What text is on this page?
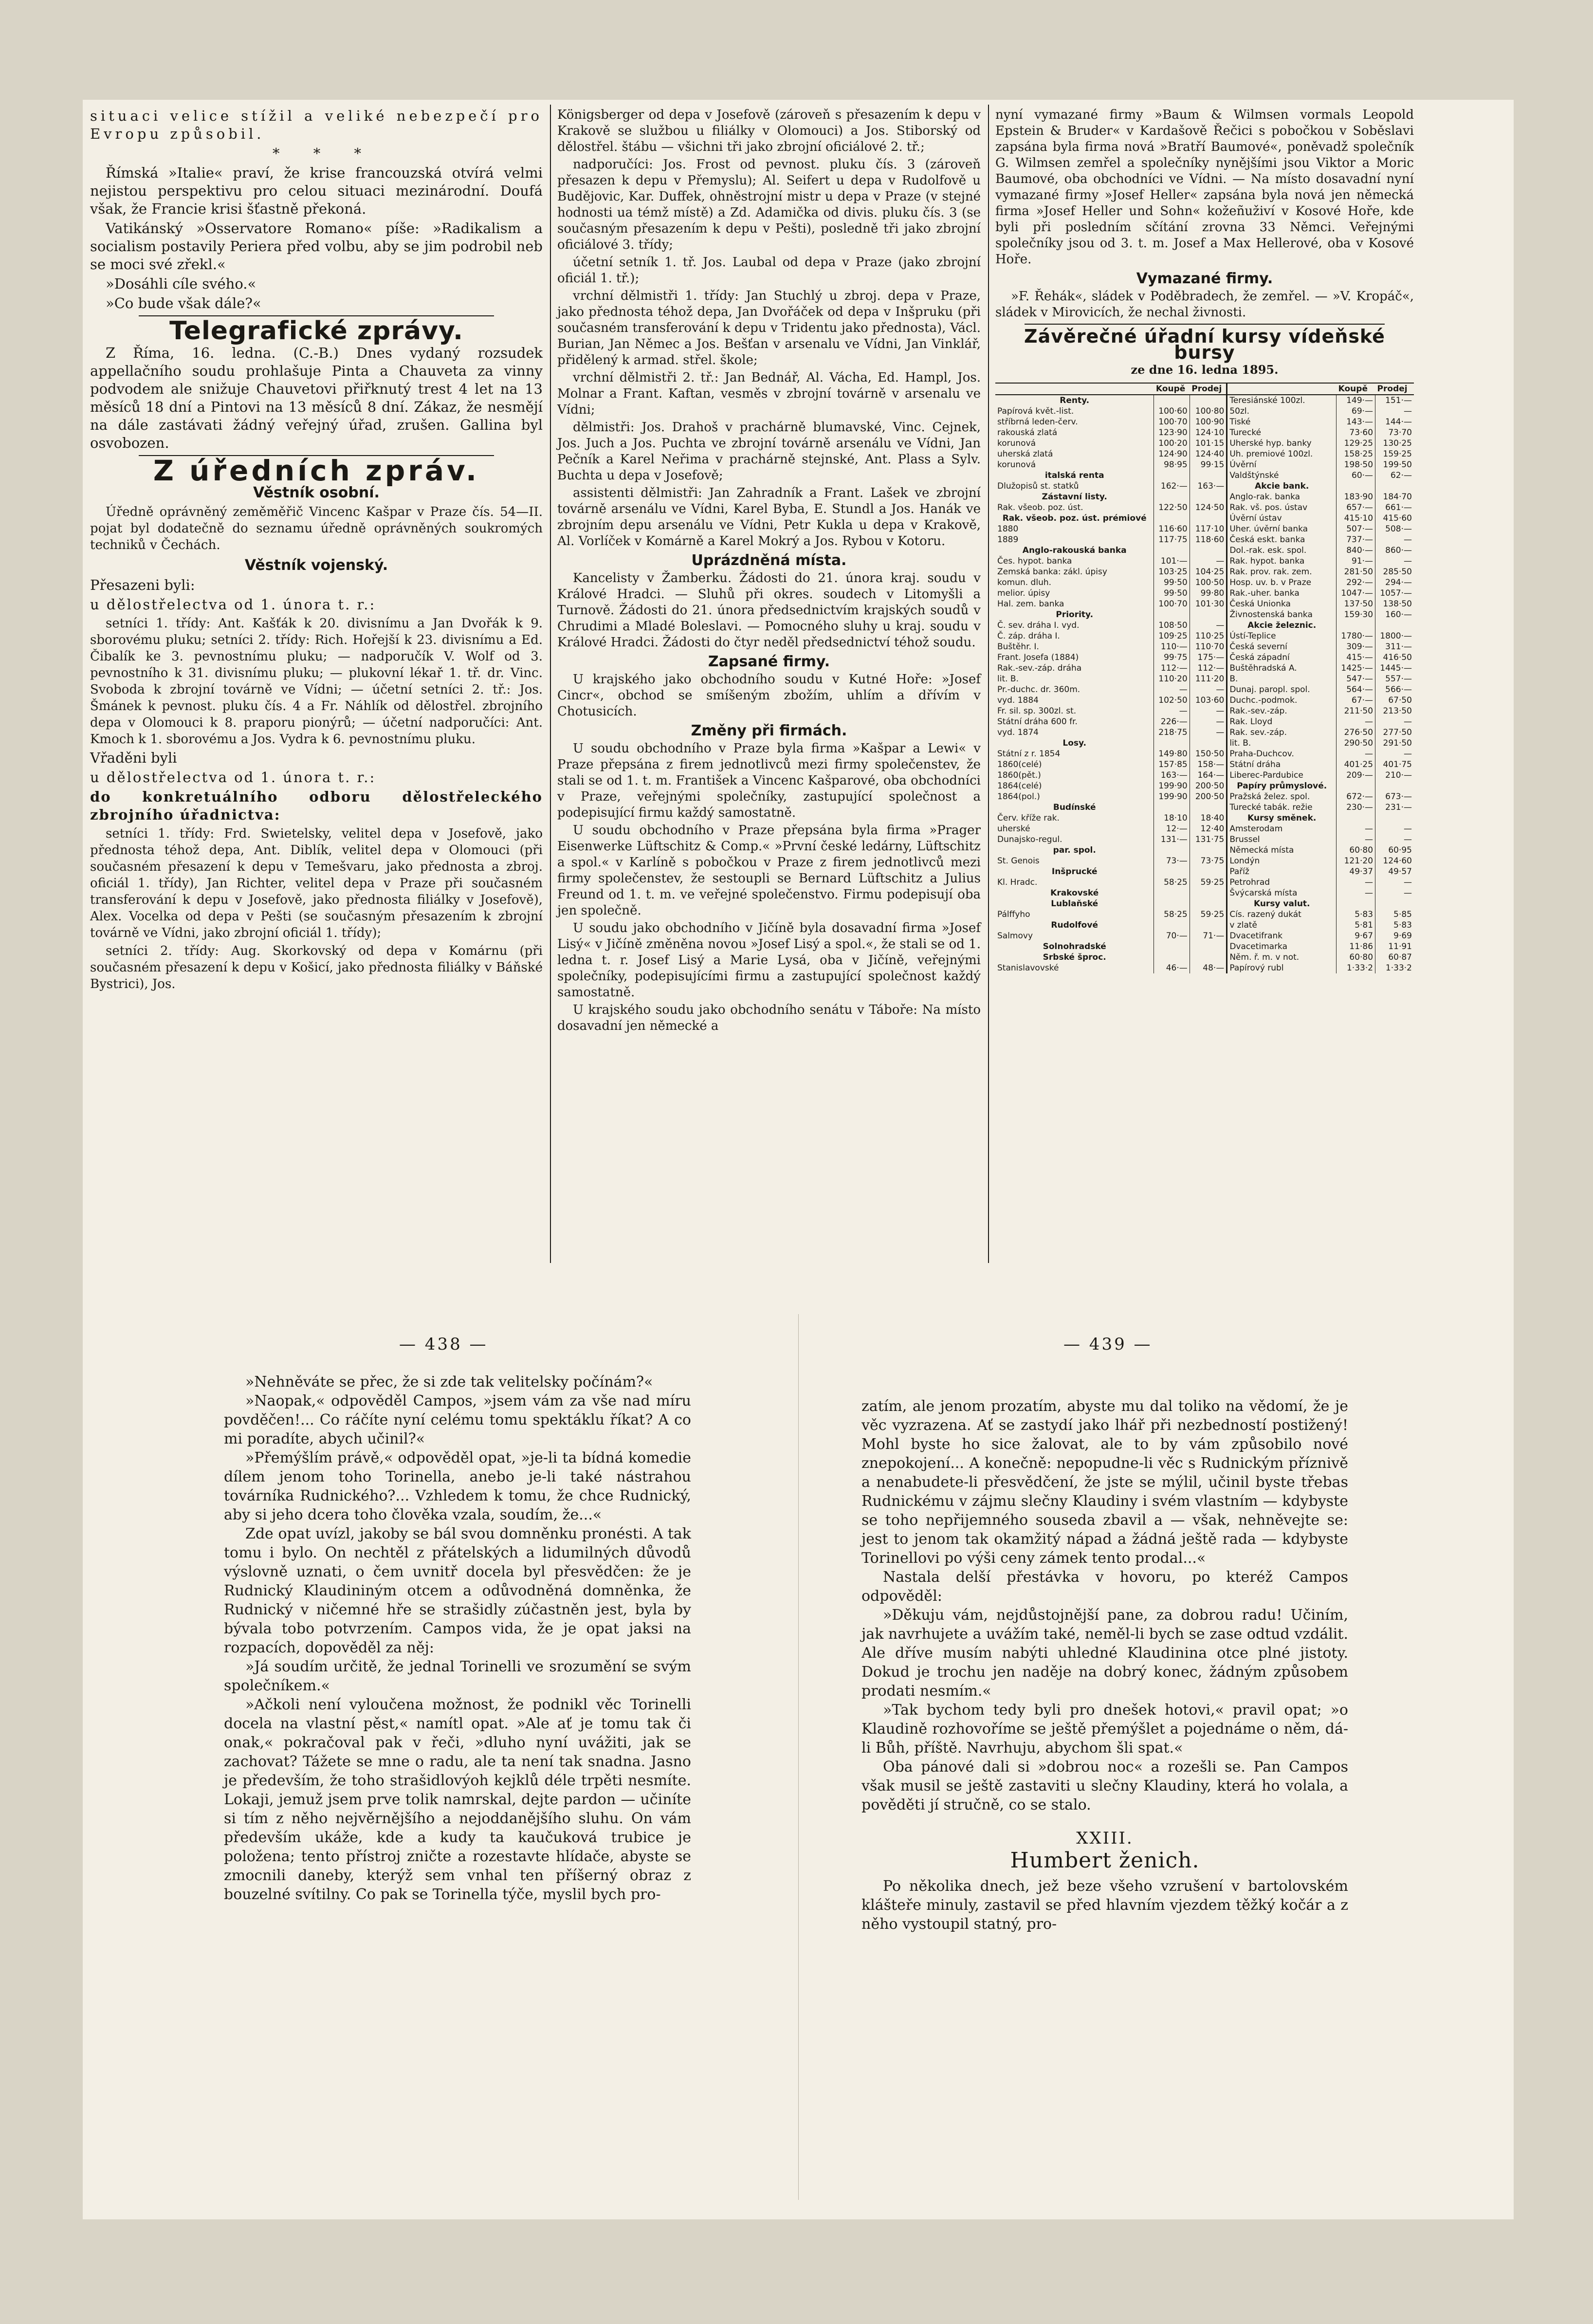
situaci velice stížil a veliké nebezpečí pro Evropu způsobil.

* * *

Římská »Italie« praví, že krise francouzská otvírá velmi nejistou perspektivu pro celou situaci mezinárodní. Doufá však, že Francie krisi šťastně překoná.

Vatikánský »Osservatore Romano« píše: »Radikalism a socialism postavily Periera před volbu, aby se jim podrobil neb se moci své zřekl.«

»Dosáhli cíle svého.«

»Co bude však dále?«

Telegrafické zprávy.

Z Říma, 16. ledna. (C.-B.) Dnes vydaný rozsudek appellačního soudu prohlašuje Pinta a Chauveta za vinny podvodem ale snižuje Chauvetovi přiřknutý trest 4 let na 13 měsíců 18 dní a Pintovi na 13 měsíců 8 dní. Zákaz, že nesmějí na dále zastávati žádný veřejný úřad, zrušen. Gallina byl osvobozen.

Z úředních zpráv.
Věstník osobní.

Úředně oprávněný zeměměřič Vincenc Kašpar v Praze čís. 54—II. pojat byl dodatečně do seznamu úředně oprávněných soukromých techniků v Čechách.

Věstník vojenský.

Přesazeni byli:

u dělostřelectva od 1. února t. r.:

setníci 1. třídy: Ant. Kašťák k 20. divisnímu a Jan Dvořák k 9. sborovému pluku; setníci 2. třídy: Rich. Hořejší k 23. divisnímu a Ed. Čibalík ke 3. pevnostnímu pluku; — nadporučík V. Wolf od 3. pevnostního k 31. divisnímu pluku; — plukovní lékař 1. tř. dr. Vinc. Svoboda k zbrojní továrně ve Vídni; — účetní setníci 2. tř.: Jos. Šmánek k pevnost. pluku čís. 4 a Fr. Náhlík od dělostřel. zbrojního depa v Olomouci k 8. praporu pionýrů; — účetní nadporučíci: Ant. Kmoch k 1. sborovému a Jos. Vydra k 6. pevnostnímu pluku.

Vřaděni byli

u dělostřelectva od 1. února t. r.:

do konkretuálního odboru dělostřeleckého zbrojního úřadnictva:

setníci 1. třídy: Frd. Swietelsky, velitel depa v Josefově, jako přednosta téhož depa, Ant. Diblík, velitel depa v Olomouci (při současném přesazení k depu v Temešvaru, jako přednosta a zbroj. oficiál 1. třídy), Jan Richter, velitel depa v Praze při současném transferování k depu v Josefově, jako přednosta filiálky v Josefově), Alex. Vocelka od depa v Pešti (se současným přesazením k zbrojní továrně ve Vídni, jako zbrojní oficiál 1. třídy);

setníci 2. třídy: Aug. Skorkovský od depa v Komárnu (při současném přesazení k depu v Košicí, jako přednosta filiálky v Báňské Bystrici), Jos.

Königsberger od depa v Josefově (zároveň s přesazením k depu v Krakově se službou u filiálky v Olomouci) a Jos. Stiborský od dělostřel. štábu — všichni tři jako zbrojní oficiálové 2. tř.;

nadporučíci: Jos. Frost od pevnost. pluku čís. 3 (zároveň přesazen k depu v Přemyslu); Al. Seifert u depa v Rudolfově u Budějovic, Kar. Duffek, ohněstrojní mistr u depa v Praze (v stejné hodnosti ua témž místě) a Zd. Adamička od divis. pluku čís. 3 (se současným přesazením k depu v Pešti), posledně tři jako zbrojní oficiálové 3. třídy;

účetní setník 1. tř. Jos. Laubal od depa v Praze (jako zbrojní oficiál 1. tř.);

vrchní dělmistři 1. třídy: Jan Stuchlý u zbroj. depa v Praze, jako přednosta téhož depa, Jan Dvořáček od depa v Inšpruku (při současném transferování k depu v Tridentu jako přednosta), Václ. Burian, Jan Němec a Jos. Bešťan v arsenalu ve Vídni, Jan Vinklář, přidělený k armad. střel. škole;

vrchní dělmistři 2. tř.: Jan Bednář, Al. Vácha, Ed. Hampl, Jos. Molnar a Frant. Kaftan, vesměs v zbrojní továrně v arsenalu ve Vídni;

dělmistři: Jos. Drahoš v prachárně blumavské, Vinc. Cejnek, Jos. Juch a Jos. Puchta ve zbrojní továrně arsenálu ve Vídni, Jan Pečník a Karel Neřima v prachárně stejnské, Ant. Plass a Sylv. Buchta u depa v Josefově;

assistenti dělmistři: Jan Zahradník a Frant. Lašek ve zbrojní továrně arsenálu ve Vídni, Karel Byba, E. Stundl a Jos. Hanák ve zbrojním depu arsenálu ve Vídni, Petr Kukla u depa v Krakově, Al. Vorlíček v Komárně a Karel Mokrý a Jos. Rybou v Kotoru.

Uprázdněná místa.

Kancelisty v Žamberku. Žádosti do 21. února kraj. soudu v Králové Hradci. — Sluhů při okres. soudech v Litomyšli a Turnově. Žádosti do 21. února předsednictvím krajských soudů v Chrudimi a Mladé Boleslavi. — Pomocného sluhy u kraj. soudu v Králové Hradci. Žádosti do čtyr neděl předsednictví téhož soudu.

Zapsané firmy.

U krajského jako obchodního soudu v Kutné Hoře: »Josef Cincr«, obchod se smíšeným zbožím, uhlím a dřívím v Chotusicích.

Změny při firmách.

U soudu obchodního v Praze byla firma »Kašpar a Lewi« v Praze přepsána z firem jednotlivců mezi firmy společenstev, že stali se od 1. t. m. František a Vincenc Kašparové, oba obchodníci v Praze, veřejnými společníky, zastupující společnost a podepisující firmu každý samostatně.

U soudu obchodního v Praze přepsána byla firma »Prager Eisenwerke Lüftschitz & Comp.« »První české ledárny, Lüftschitz a spol.« v Karlíně s pobočkou v Praze z firem jednotlivců mezi firmy společenstev, že sestoupli se Bernard Lüftschitz a Julius Freund od 1. t. m. ve veřejné společenstvo. Firmu podepisují oba jen společně.

U soudu jako obchodního v Jičíně byla dosavadní firma »Josef Lisý« v Jičíně změněna novou »Josef Lisý a spol.«, že stali se od 1. ledna t. r. Josef Lisý a Marie Lysá, oba v Jičíně, veřejnými společníky, podepisujícími firmu a zastupující společnost každý samostatně.

U krajského soudu jako obchodního senátu v Táboře: Na místo dosavadní jen německé a

nyní vymazané firmy »Baum & Wilmsen vormals Leopold Epstein & Bruder« v Kardašově Řečici s pobočkou v Soběslavi zapsána byla firma nová »Bratří Baumové«, poněvadž společník G. Wilmsen zemřel a společníky nynějšími jsou Viktor a Moric Baumové, oba obchodníci ve Vídni. — Na místo dosavadní nyní vymazané firmy »Josef Heller« zapsána byla nová jen německá firma »Josef Heller und Sohn« kožeñuživí v Kosové Hoře, kde byli při posledním sčítání zrovna 33 Němci. Veřejnými společníky jsou od 3. t. m. Josef a Max Hellerové, oba v Kosové Hoře.

Vymazané firmy.

»F. Řehák«, sládek v Poděbradech, že zemřel. — »V. Kropáč«, sládek v Mirovicích, že nechal živnosti.

Závěrečné úřadní kursy vídeňské bursy

ze dne 16. ledna 1895.

	Koupě	Prodej		Koupě	Prodej
Renty.			Teresiánské 100zl.	149·—	151·—
Papírová květ.-list.	100·60	100·80	50zl.	69·—	—
stříbrná leden-červ.	100·70	100·90	Tiské	143·—	144·—
rakouská zlatá	123·90	124·10	Turecké	73·60	73·70
korunová	100·20	101·15	Uherské hyp. banky	129·25	130·25
uherská zlatá	124·90	124·40	Uh. premiové 100zl.	158·25	159·25
korunová	98·95	99·15	Úvěrní	198·50	199·50
italská renta			Valdštýnské	60·—	62·—
Dlužopisů st. statků	162·—	163·—	Akcie bank.		
Zástavní listy.			Anglo-rak. banka	183·90	184·70
Rak. všeob. poz. úst.	122·50	124·50	Rak. vš. pos. ústav	657·—	661·—
Rak. všeob. poz. úst. prémiové			Úvěrní ústav	415·10	415·60
1880	116·60	117·10	Uher. úvěrní banka	507·—	508·—
1889	117·75	118·60	Česká eskt. banka	737·—	—
Anglo-rakouská banka			Dol.-rak. esk. spol.	840·—	860·—
Čes. hypot. banka	101·—	—	Rak. hypot. banka	91·—	—
Zemská banka: zákl. úpisy	103·25	104·25	Rak. prov. rak. zem.	281·50	285·50
komun. dluh.	99·50	100·50	Hosp. uv. b. v Praze	292·—	294·—
melior. úpisy	99·50	99·80	Rak.-uher. banka	1047·—	1057·—
Hal. zem. banka	100·70	101·30	Česká Unionka	137·50	138·50
Priority.			Živnostenská banka	159·30	160·—
Č. sev. dráha I. vyd.	108·50	—	Akcie železnic.		
Č. záp. dráha I.	109·25	110·25	Ústí-Teplice	1780·—	1800·—
Buštěhr. I.	110·—	110·70	Česká severní	309·—	311·—
Frant. Josefa (1884)	99·75	175·—	Česká západní	415·—	416·50
Rak.-sev.-záp. dráha	112·—	112·—	Buštěhradská A.	1425·—	1445·—
lit. B.	110·20	111·20	B.	547·—	557·—
Pr.-duchc. dr. 360m.	—	—	Dunaj. paropl. spol.	564·—	566·—
vyd. 1884	102·50	103·60	Duchc.-podmok.	67·—	67·50
Fr. sil. sp. 300zl. st.	—	—	Rak.-sev.-záp.	211·50	213·50
Státní dráha 600 fr.	226·—	—	Rak. Lloyd	—	—
vyd. 1874	218·75	—	Rak. sev.-záp.	276·50	277·50
Losy.			lit. B.	290·50	291·50
Státní z r. 1854	149·80	150·50	Praha-Duchcov.	—	—
1860(celé)	157·85	158·—	Státní dráha	401·25	401·75
1860(pět.)	163·—	164·—	Liberec-Pardubice	209·—	210·—
1864(celé)	199·90	200·50	Papíry průmyslové.		
1864(pol.)	199·90	200·50	Pražská želez. spol.	672·—	673·—
Budínské			Turecké tabák. režie	230·—	231·—
Červ. kříže rak.	18·10	18·40	Kursy směnek.		
uherské	12·—	12·40	Amsterodam	—	—
Dunajsko-regul.	131·—	131·75	Brussel	—	—
par. spol.			Německá místa	60·80	60·95
St. Genois	73·—	73·75	Londýn	121·20	124·60
Inšprucké			Paříž	49·37	49·57
Kl. Hradc.	58·25	59·25	Petrohrad	—	—
Krakovské			Švýcarská místa	—	—
Lublaňské			Kursy valut.		
Pálffyho	58·25	59·25	Cís. razený dukát	5·83	5·85
Rudolfové			v zlatě	5·81	5·83
Salmovy	70·—	71·—	Dvacetifrank	9·67	9·69
Solnohradské			Dvacetimarka	11·86	11·91
Srbské šproc.			Něm. ř. m. v not.	60·80	60·87
Stanislavovské	46·—	48·—	Papírový rubl	1·33·2	1·33·2
— 438 —	— 439 —

»Nehněváte se přec, že si zde tak velitelsky počínám?«

»Naopak,« odpověděl Campos, »jsem vám za vše nad míru povděčen!... Co ráčíte nyní celému tomu spektáklu říkat? A co mi poradíte, abych učinil?«

»Přemýšlím právě,« odpověděl opat, »je-li ta bídná komedie dílem jenom toho Torinella, anebo je-li také nástrahou továrníka Rudnického?... Vzhledem k tomu, že chce Rudnický, aby si jeho dcera toho člověka vzala, soudím, že...«

Zde opat uvízl, jakoby se bál svou domněnku pronésti. A tak tomu i bylo. On nechtěl z přátelských a lidumilných důvodů výslovně uznati, o čem uvnitř docela byl přesvědčen: že je Rudnický Klaudininým otcem a odůvodněná domněnka, že Rudnický v ničemné hře se strašidly zúčastněn jest, byla by bývala tobo potvrzením. Campos vida, že je opat jaksi na rozpacích, dopověděl za něj:

»Já soudím určitě, že jednal Torinelli ve srozumění se svým společníkem.«

»Ačkoli není vyloučena možnost, že podnikl věc Torinelli docela na vlastní pěst,« namítl opat. »Ale ať je tomu tak či onak,« pokračoval pak v řeči, »dluho nyní uvážiti, jak se zachovat? Tážete se mne o radu, ale ta není tak snadna. Jasno je především, že toho strašidlovýoh kejklů déle trpěti nesmíte. Lokaji, jemuž jsem prve tolik namrskal, dejte pardon — učiníte si tím z něho nejvěrnějšího a nejoddanějšího sluhu. On vám především ukáže, kde a kudy ta kaučuková trubice je položena; tento přístroj zničte a rozestavte hlídače, abyste se zmocnili daneby, kterýž sem vnhal ten příšerný obraz z bouzelné svítilny. Co pak se Torinella týče, myslil bych pro-

zatím, ale jenom prozatím, abyste mu dal toliko na vědomí, že je věc vyzrazena. Ať se zastydí jako lhář při nezbedností postižený! Mohl byste ho sice žalovat, ale to by vám způsobilo nové znepokojení... A konečně: nepopudne-li věc s Rudnickým příznivě a nenabudete-li přesvědčení, že jste se mýlil, učinil byste třebas Rudnickému v zájmu slečny Klaudiny i svém vlastním — kdybyste se toho nepřijemného souseda zbavil a — však, nehněvejte se: jest to jenom tak okamžitý nápad a žádná ještě rada — kdybyste Torinellovi po výši ceny zámek tento prodal...«

Nastala delší přestávka v hovoru, po kteréž Campos odpověděl:

»Děkuju vám, nejdůstojnější pane, za dobrou radu! Učiním, jak navrhujete a uvážím také, neměl-li bych se zase odtud vzdálit. Ale dříve musím nabýti uhledné Klaudinina otce plné jistoty. Dokud je trochu jen naděje na dobrý konec, žádným způsobem prodati nesmím.«

»Tak bychom tedy byli pro dnešek hotovi,« pravil opat; »o Klaudině rozhovoříme se ještě přemýšlet a pojednáme o něm, dá-li Bůh, příště. Navrhuju, abychom šli spat.«

Oba pánové dali si »dobrou noc« a rozešli se. Pan Campos však musil se ještě zastaviti u slečny Klaudiny, která ho volala, a pověděti jí stručně, co se stalo.

XXIII.

Humbert ženich.

Po několika dnech, jež beze všeho vzrušení v bartolovském klášteře minuly, zastavil se před hlavním vjezdem těžký kočár a z něho vystoupil statný, pro-
